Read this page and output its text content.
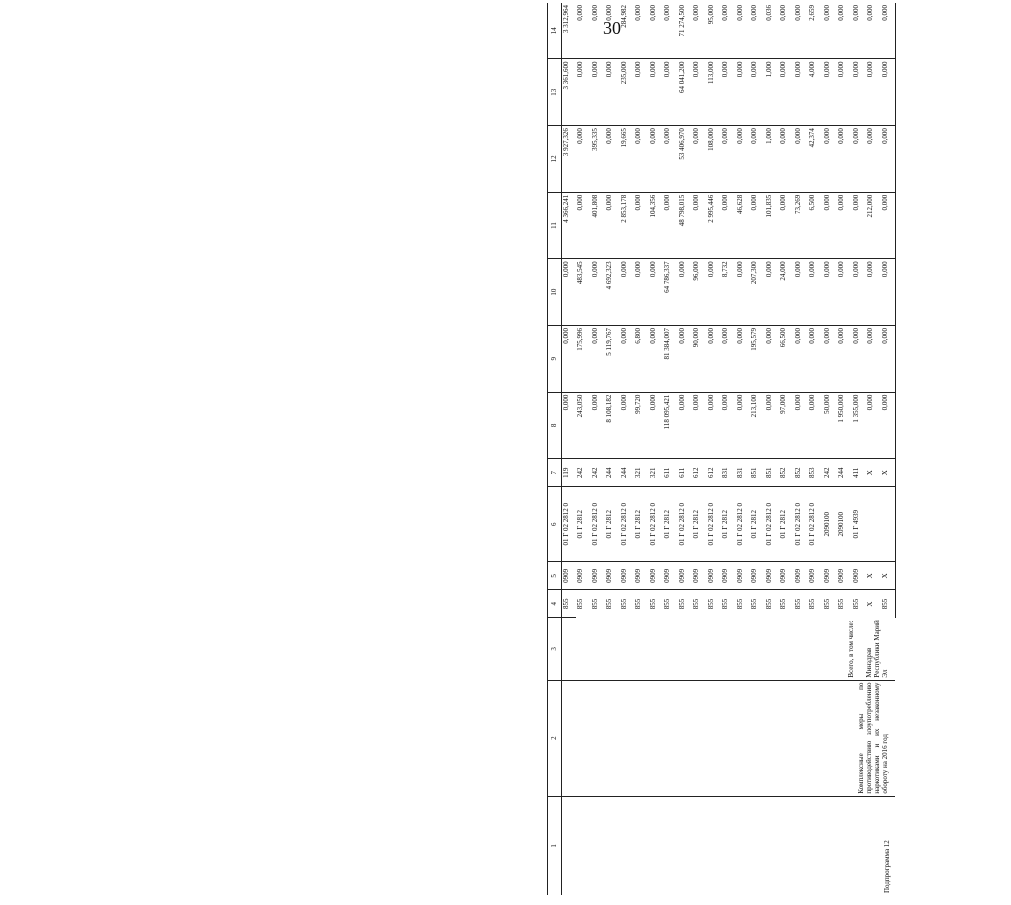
30
1	2	3	4	5	6	7	8	9	10	11	12	13	14

Подпрограмма 12	Комплексные меры по противодействию злоупотреблению наркотиками и их незаконному обороту на 2016 год	Всего, в том числе: Минздрав Республики Марий Эл	855	0909	01 Г 02 2812 0	119	0,000	0,000	0,000	4 366,241	3 927,326	3 361,600	3 312,964
			855	0909	01 Г 2812	242	243,050	175,996	483,545	0,000	0,000	0,000	0,000
			855	0909	01 Г 02 2812 0	242	0,000	0,000	0,000	401,808	395,335	0,000	0,000
			855	0909	01 Г 2812	244	8 108,182	5 119,767	4 692,323	0,000	0,000	0,000	0,000
			855	0909	01 Г 02 2812 0	244	0,000	0,000	0,000	2 853,178	19,665	235,000	284,982
			855	0909	01 Г 2812	321	99,720	6,800	0,000	0,000	0,000	0,000	0,000
			855	0909	01 Г 02 2812 0	321	0,000	0,000	0,000	104,356	0,000	0,000	0,000
			855	0909	01 Г 2812	611	118 095,421	81 384,007	64 786,337	0,000	0,000	0,000	0,000
			855	0909	01 Г 02 2812 0	611	0,000	0,000	0,000	48 798,015	53 406,970	64 041,200	71 274,500
			855	0909	01 Г 2812	612	0,000	90,000	96,000	0,000	0,000	0,000	0,000
			855	0909	01 Г 02 2812 0	612	0,000	0,000	0,000	2 995,446	108,000	113,000	95,000
			855	0909	01 Г 2812	831	0,000	0,000	8,732	0,000	0,000	0,000	0,000
			855	0909	01 Г 02 2812 0	831	0,000	0,000	0,000	46,628	0,000	0,000	0,000
			855	0909	01 Г 2812	851	213,100	195,579	207,300	0,000	0,000	0,000	0,000
			855	0909	01 Г 02 2812 0	851	0,000	0,000	0,000	101,835	1,000	1,000	0,036
			855	0909	01 Г 2812	852	97,000	66,500	24,000	0,000	0,000	0,000	0,000
			855	0909	01 Г 02 2812 0	852	0,000	0,000	0,000	73,269	0,000	0,000	0,000
			855	0909	01 Г 02 2812 0	853	0,000	0,000	0,000	6,500	42,374	4,000	2,659
			855	0909	2090100	242	50,000	0,000	0,000	0,000	0,000	0,000	0,000
			855	0909	2090100	244	1 950,000	0,000	0,000	0,000	0,000	0,000	0,000
			855	0909	01 Г 4939	411	1 355,000	0,000	0,000	0,000	0,000	0,000	0,000
			X	X		X	0,000	0,000	0,000	212,000	0,000	0,000	0,000
			855	X		X	0,000	0,000	0,000	0,000	0,000	0,000	0,000
